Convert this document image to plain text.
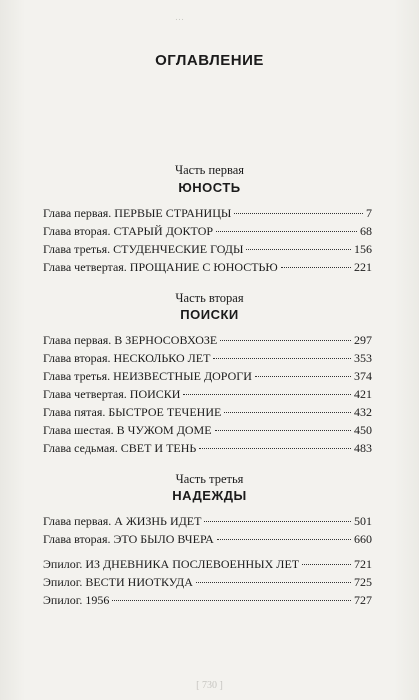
…
ОГЛАВЛЕНИЕ
Часть первая
ЮНОСТЬ
Глава первая. ПЕРВЫЕ СТРАНИЦЫ	7
Глава вторая. СТАРЫЙ ДОКТОР	68
Глава третья. СТУДЕНЧЕСКИЕ ГОДЫ	156
Глава четвертая. ПРОЩАНИЕ С ЮНОСТЬЮ	221
Часть вторая
ПОИСКИ
Глава первая. В ЗЕРНОСОВХОЗЕ	297
Глава вторая. НЕСКОЛЬКО ЛЕТ	353
Глава третья. НЕИЗВЕСТНЫЕ ДОРОГИ	374
Глава четвертая. ПОИСКИ	421
Глава пятая. БЫСТРОЕ ТЕЧЕНИЕ	432
Глава шестая. В ЧУЖОМ ДОМЕ	450
Глава седьмая. СВЕТ И ТЕНЬ	483
Часть третья
НАДЕЖДЫ
Глава первая. А ЖИЗНЬ ИДЕТ	501
Глава вторая. ЭТО БЫЛО ВЧЕРА	660
Эпилог. ИЗ ДНЕВНИКА ПОСЛЕВОЕННЫХ ЛЕТ	721
Эпилог. ВЕСТИ НИОТКУДА	725
Эпилог. 1956	727
[ 730 ]
